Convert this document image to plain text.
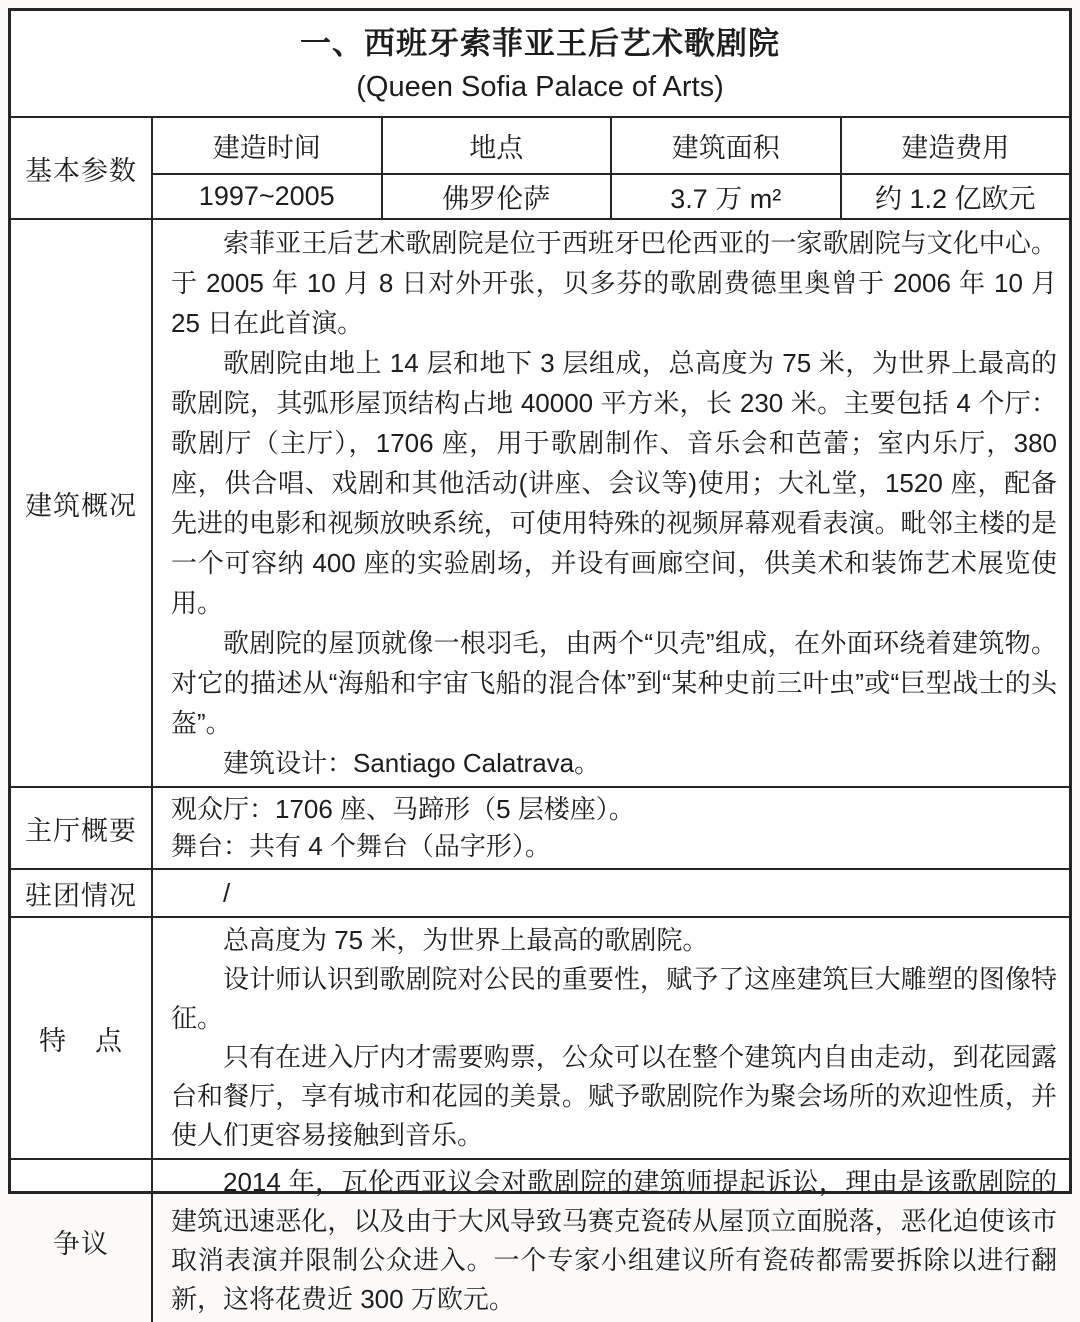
一、西班牙索菲亚王后艺术歌剧院
(Queen Sofia Palace of Arts)
基本参数
建造时间
1997~2005
地点
佛罗伦萨
建筑面积
3.7 万 m²
建造费用
约 1.2 亿欧元
建筑概况

索菲亚王后艺术歌剧院是位于西班牙巴伦西亚的一家歌剧院与文化中心。于 2005 年 10 月 8 日对外开张，贝多芬的歌剧费德里奥曾于 2006 年 10 月 25 日在此首演。

歌剧院由地上 14 层和地下 3 层组成，总高度为 75 米，为世界上最高的歌剧院，其弧形屋顶结构占地 40000 平方米，长 230 米。主要包括 4 个厅：歌剧厅（主厅），1706 座，用于歌剧制作、音乐会和芭蕾；室内乐厅，380 座，供合唱、戏剧和其他活动(讲座、会议等)使用；大礼堂，1520 座，配备先进的电影和视频放映系统，可使用特殊的视频屏幕观看表演。毗邻主楼的是一个可容纳 400 座的实验剧场，并设有画廊空间，供美术和装饰艺术展览使用。

歌剧院的屋顶就像一根羽毛，由两个“贝壳”组成，在外面环绕着建筑物。对它的描述从“海船和宇宙飞船的混合体”到“某种史前三叶虫”或“巨型战士的头盔”。

建筑设计：Santiago Calatrava。

主厅概要

观众厅：1706 座、马蹄形（5 层楼座）。

舞台：共有 4 个舞台（品字形）。

驻团情况	/

特　点

总高度为 75 米，为世界上最高的歌剧院。

设计师认识到歌剧院对公民的重要性，赋予了这座建筑巨大雕塑的图像特征。

只有在进入厅内才需要购票，公众可以在整个建筑内自由走动，到花园露台和餐厅，享有城市和花园的美景。赋予歌剧院作为聚会场所的欢迎性质，并使人们更容易接触到音乐。

争议

2014 年，瓦伦西亚议会对歌剧院的建筑师提起诉讼，理由是该歌剧院的建筑迅速恶化，以及由于大风导致马赛克瓷砖从屋顶立面脱落，恶化迫使该市取消表演并限制公众进入。一个专家小组建议所有瓷砖都需要拆除以进行翻新，这将花费近 300 万欧元。
